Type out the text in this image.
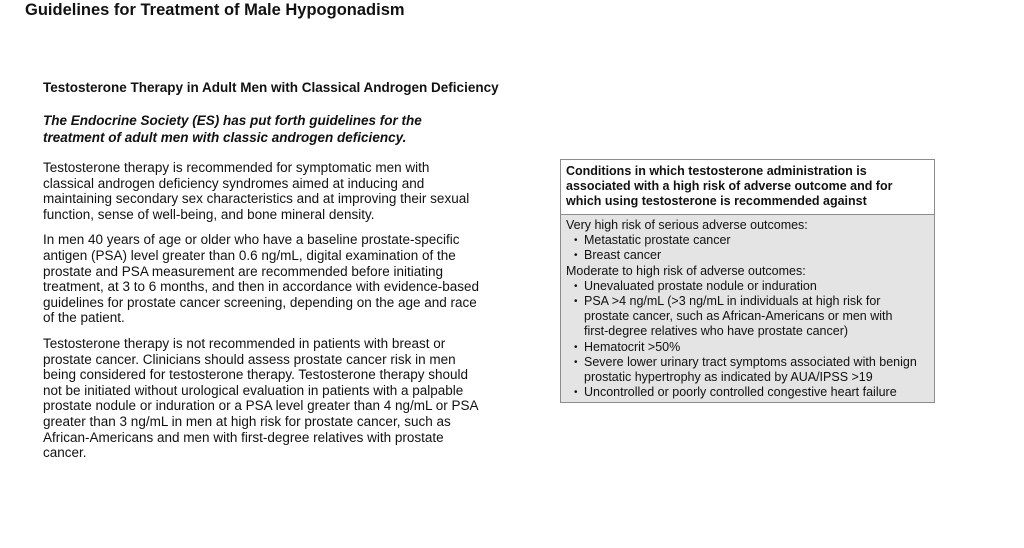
Guidelines for Treatment of Male Hypogonadism
Testosterone Therapy in Adult Men with Classical Androgen Deficiency
The Endocrine Society (ES) has put forth guidelines for the treatment of adult men with classic androgen deficiency.

Testosterone therapy is recommended for symptomatic men with classical androgen deficiency syndromes aimed at inducing and maintaining secondary sex characteristics and at improving their sexual function, sense of well-being, and bone mineral density.

In men 40 years of age or older who have a baseline prostate-specific antigen (PSA) level greater than 0.6 ng/mL, digital examination of the prostate and PSA measurement are recommended before initiating treatment, at 3 to 6 months, and then in accordance with evidence-based guidelines for prostate cancer screening, depending on the age and race of the patient.

Testosterone therapy is not recommended in patients with breast or prostate cancer. Clinicians should assess prostate cancer risk in men being considered for testosterone therapy. Testosterone therapy should not be initiated without urological evaluation in patients with a palpable prostate nodule or induration or a PSA level greater than 4 ng/mL or PSA greater than 3 ng/mL in men at high risk for prostate cancer, such as African-Americans and men with first-degree relatives with prostate cancer.

Conditions in which testosterone administration is associated with a high risk of adverse outcome and for which using testosterone is recommended against
Very high risk of serious adverse outcomes:
• Metastatic prostate cancer
• Breast cancer
Moderate to high risk of adverse outcomes:
• Unevaluated prostate nodule or induration
• PSA >4 ng/mL (>3 ng/mL in individuals at high risk for prostate cancer, such as African-Americans or men with first-degree relatives who have prostate cancer)
• Hematocrit >50%
• Severe lower urinary tract symptoms associated with benign prostatic hypertrophy as indicated by AUA/IPSS >19
• Uncontrolled or poorly controlled congestive heart failure
